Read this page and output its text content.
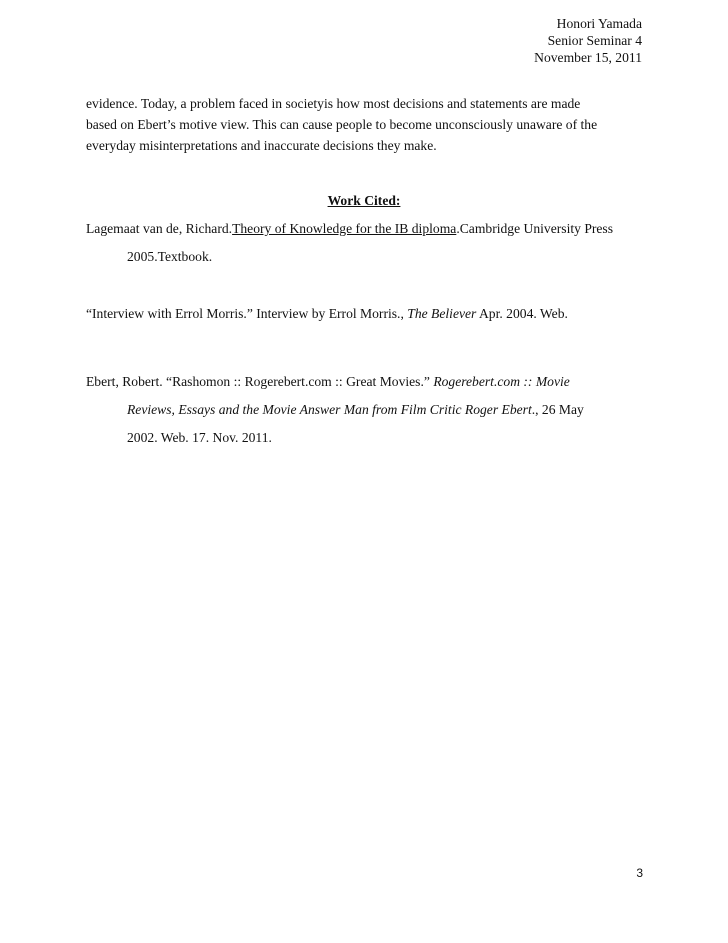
Honori Yamada
Senior Seminar 4
November 15, 2011
evidence. Today, a problem faced in societyis how most decisions and statements are made
based on Ebert’s motive view. This can cause people to become unconsciously unaware of the
everyday misinterpretations and inaccurate decisions they make.
Work Cited:
Lagemaat van de, Richard.Theory of Knowledge for the IB diploma.Cambridge University Press
2005.Textbook.
“Interview with Errol Morris.” Interview by Errol Morris., The Believer Apr. 2004. Web.
Ebert, Robert. “Rashomon :: Rogerebert.com :: Great Movies.” Rogerebert.com :: Movie
Reviews, Essays and the Movie Answer Man from Film Critic Roger Ebert., 26 May
2002. Web. 17. Nov. 2011.
3
